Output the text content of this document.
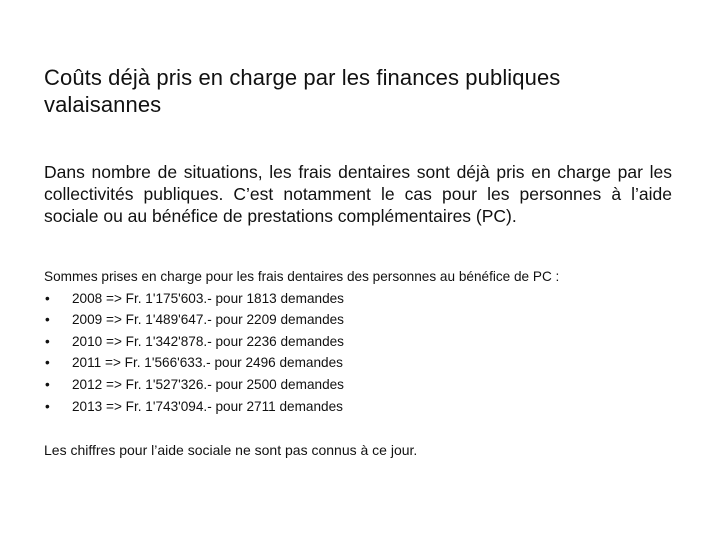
Coûts déjà pris en charge par les finances publiques valaisannes

Dans nombre de situations, les frais dentaires sont déjà pris en charge par les collectivités publiques. C’est notamment le cas pour les personnes à l’aide sociale ou au bénéfice de prestations complémentaires (PC).

Sommes prises en charge pour les frais dentaires des personnes au bénéfice de PC :

•	2008 => Fr. 1'175'603.- pour 1813 demandes
•	2009 => Fr. 1'489'647.- pour 2209 demandes
•	2010 => Fr. 1'342'878.- pour 2236 demandes
•	2011 => Fr. 1'566'633.- pour 2496 demandes
•	2012 => Fr. 1'527'326.- pour 2500 demandes
•	2013 => Fr. 1'743'094.- pour 2711 demandes

Les chiffres pour l’aide sociale ne sont pas connus à ce jour.
